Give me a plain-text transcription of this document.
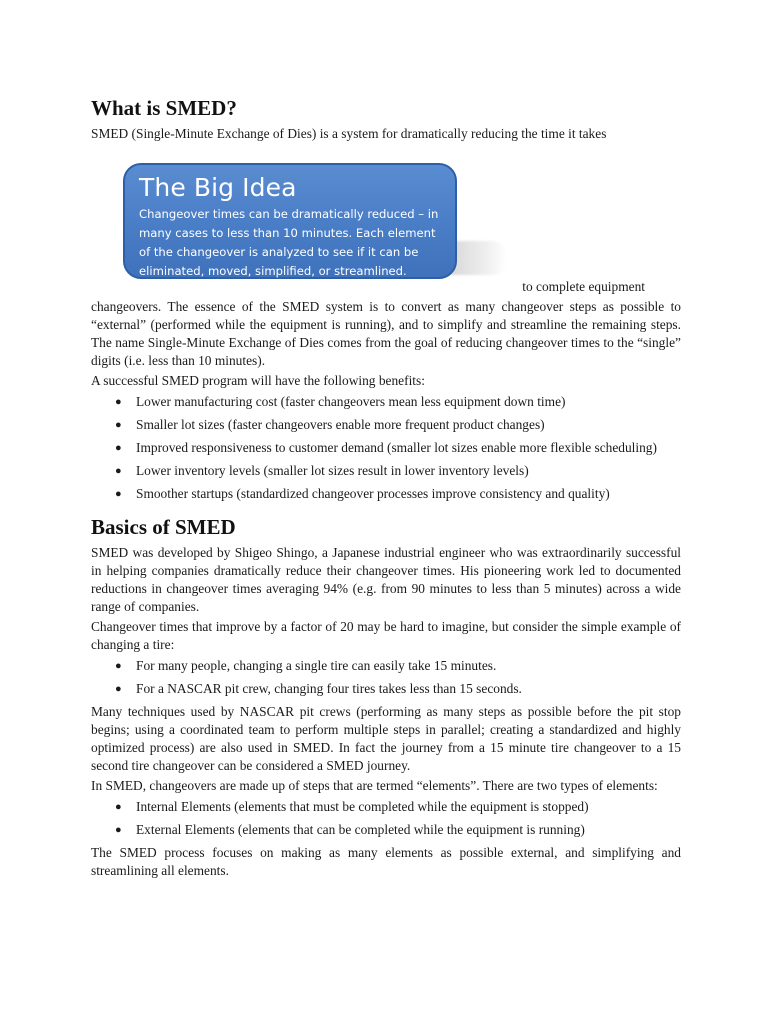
What is SMED?

SMED (Single-Minute Exchange of Dies) is a system for dramatically reducing the time it takes

The Big Idea
Changeover times can be dramatically reduced – in many cases to less than 10 minutes. Each element of the changeover is analyzed to see if it can be eliminated, moved, simplified, or streamlined.

to complete equipment

changeovers. The essence of the SMED system is to convert as many changeover steps as possible to “external” (performed while the equipment is running), and to simplify and streamline the remaining steps. The name Single-Minute Exchange of Dies comes from the goal of reducing changeover times to the “single” digits (i.e. less than 10 minutes).

A successful SMED program will have the following benefits:

● Lower manufacturing cost (faster changeovers mean less equipment down time)
● Smaller lot sizes (faster changeovers enable more frequent product changes)
● Improved responsiveness to customer demand (smaller lot sizes enable more flexible scheduling)
● Lower inventory levels (smaller lot sizes result in lower inventory levels)
● Smoother startups (standardized changeover processes improve consistency and quality)
Basics of SMED

SMED was developed by Shigeo Shingo, a Japanese industrial engineer who was extraordinarily successful in helping companies dramatically reduce their changeover times. His pioneering work led to documented reductions in changeover times averaging 94% (e.g. from 90 minutes to less than 5 minutes) across a wide range of companies.

Changeover times that improve by a factor of 20 may be hard to imagine, but consider the simple example of changing a tire:

● For many people, changing a single tire can easily take 15 minutes.
● For a NASCAR pit crew, changing four tires takes less than 15 seconds.

Many techniques used by NASCAR pit crews (performing as many steps as possible before the pit stop begins; using a coordinated team to perform multiple steps in parallel; creating a standardized and highly optimized process) are also used in SMED. In fact the journey from a 15 minute tire changeover to a 15 second tire changeover can be considered a SMED journey.

In SMED, changeovers are made up of steps that are termed “elements”. There are two types of elements:

● Internal Elements (elements that must be completed while the equipment is stopped)
● External Elements (elements that can be completed while the equipment is running)

The SMED process focuses on making as many elements as possible external, and simplifying and streamlining all elements.
